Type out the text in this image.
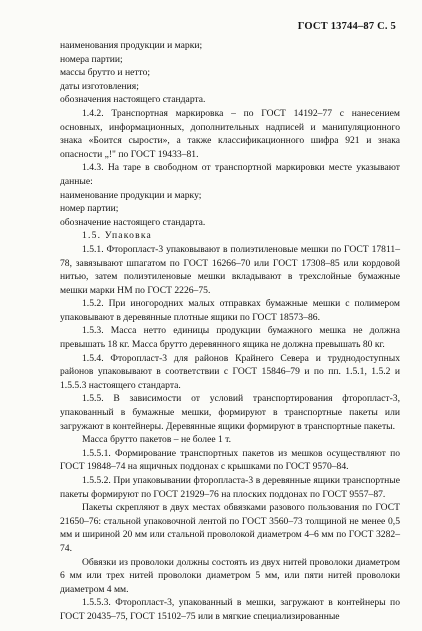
ГОСТ 13744–87 С. 5

наименования продукции и марки;

номера партии;

массы брутто и нетто;

даты изготовления;

обозначения настоящего стандарта.

1.4.2. Транспортная маркировка – по ГОСТ 14192–77 с нанесением основных, информационных, дополнительных надписей и манипуляционного знака «Боится сырости», а также классификационного шифра 921 и знака опасности „!" по ГОСТ 19433–81.

1.4.3. На таре в свободном от транспортной маркировки месте указывают данные:

наименование продукции и марку;

номер партии;

обозначение настоящего стандарта.

1.5. Упаковка

1.5.1. Фторопласт-3 упаковывают в полиэтиленовые мешки по ГОСТ 17811–78, завязывают шпагатом по ГОСТ 16266–70 или ГОСТ 17308–85 или кордовой нитью, затем полиэтиленовые мешки вкладывают в трехслойные бумажные мешки марки НМ по ГОСТ 2226–75.

1.5.2. При иногородних малых отправках бумажные мешки с полимером упаковывают в деревянные плотные ящики по ГОСТ 18573–86.

1.5.3. Масса нетто единицы продукции бумажного мешка не должна превышать 18 кг. Масса брутто деревянного ящика не должна превышать 80 кг.

1.5.4. Фторопласт-3 для районов Крайнего Севера и труднодоступных районов упаковывают в соответствии с ГОСТ 15846–79 и по пп. 1.5.1, 1.5.2 и 1.5.5.3 настоящего стандарта.

1.5.5. В зависимости от условий транспортирования фторопласт-3, упакованный в бумажные мешки, формируют в транспортные пакеты или загружают в контейнеры. Деревянные ящики формируют в транспортные пакеты.

Масса брутто пакетов – не более 1 т.

1.5.5.1. Формирование транспортных пакетов из мешков осуществляют по ГОСТ 19848–74 на ящичных поддонах с крышками по ГОСТ 9570–84.

1.5.5.2. При упаковывании фторопласта-3 в деревянные ящики транспортные пакеты формируют по ГОСТ 21929–76 на плоских поддонах по ГОСТ 9557–87.

Пакеты скрепляют в двух местах обвязками разового пользования по ГОСТ 21650–76: стальной упаковочной лентой по ГОСТ 3560–73 толщиной не менее 0,5 мм и шириной 20 мм или стальной проволокой диаметром 4–6 мм по ГОСТ 3282–74.

Обвязки из проволоки должны состоять из двух нитей проволоки диаметром 6 мм или трех нитей проволоки диаметром 5 мм, или пяти нитей проволоки диаметром 4 мм.

1.5.5.3. Фторопласт-3, упакованный в мешки, загружают в контейнеры по ГОСТ 20435–75, ГОСТ 15102–75 или в мягкие специализированные
